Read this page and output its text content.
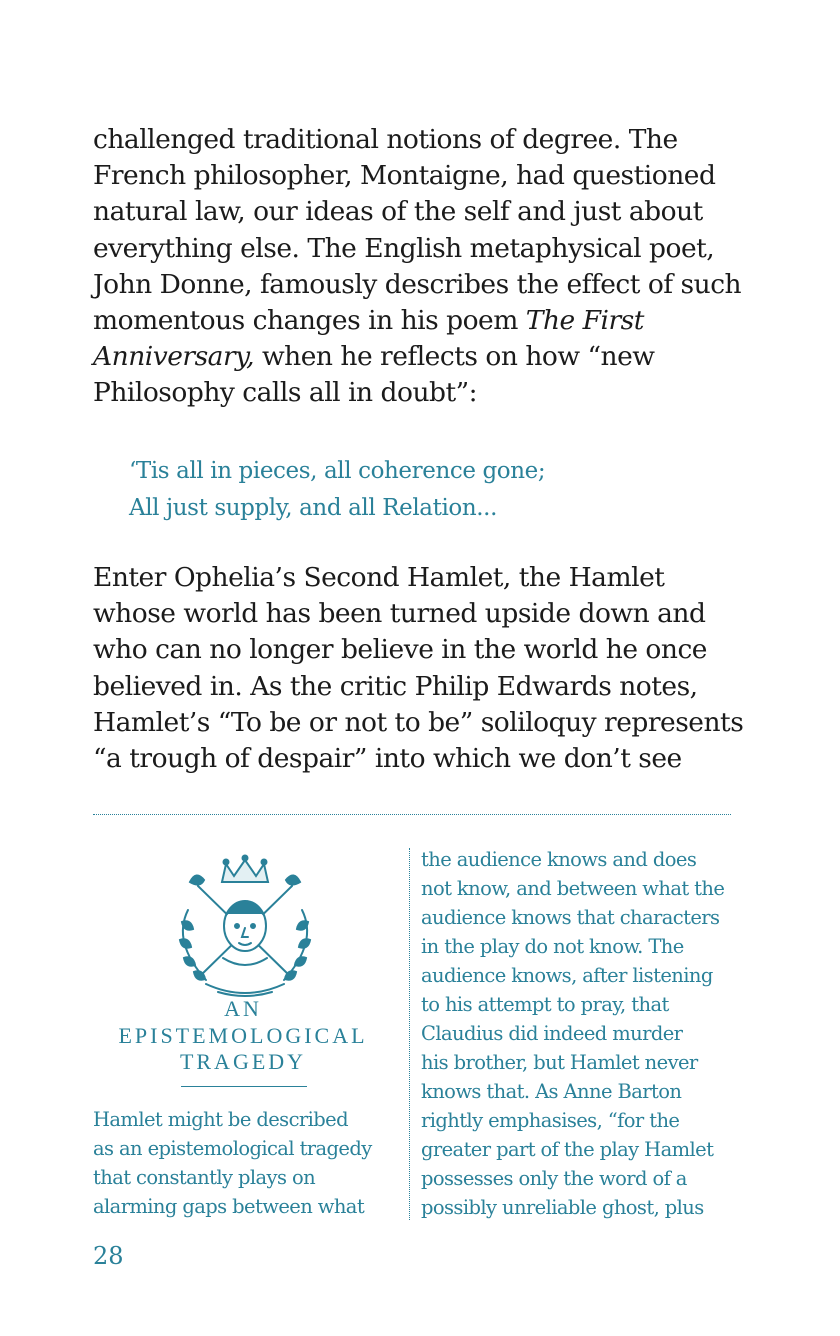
challenged traditional notions of degree. The
French philosopher, Montaigne, had questioned
natural law, our ideas of the self and just about
everything else. The English metaphysical poet,
John Donne, famously describes the effect of such
momentous changes in his poem The First
Anniversary, when he reflects on how “new
Philosophy calls all in doubt”:
‘Tis all in pieces, all coherence gone;
All just supply, and all Relation...
Enter Ophelia’s Second Hamlet, the Hamlet
whose world has been turned upside down and
who can no longer believe in the world he once
believed in. As the critic Philip Edwards notes,
Hamlet’s “To be or not to be” soliloquy represents
“a trough of despair” into which we don’t see
AN
EPISTEMOLOGICAL
TRAGEDY
Hamlet might be described
as an epistemological tragedy
that constantly plays on
alarming gaps between what
the audience knows and does
not know, and between what the
audience knows that characters
in the play do not know. The
audience knows, after listening
to his attempt to pray, that
Claudius did indeed murder
his brother, but Hamlet never
knows that. As Anne Barton
rightly emphasises, “for the
greater part of the play Hamlet
possesses only the word of a
possibly unreliable ghost, plus
28
